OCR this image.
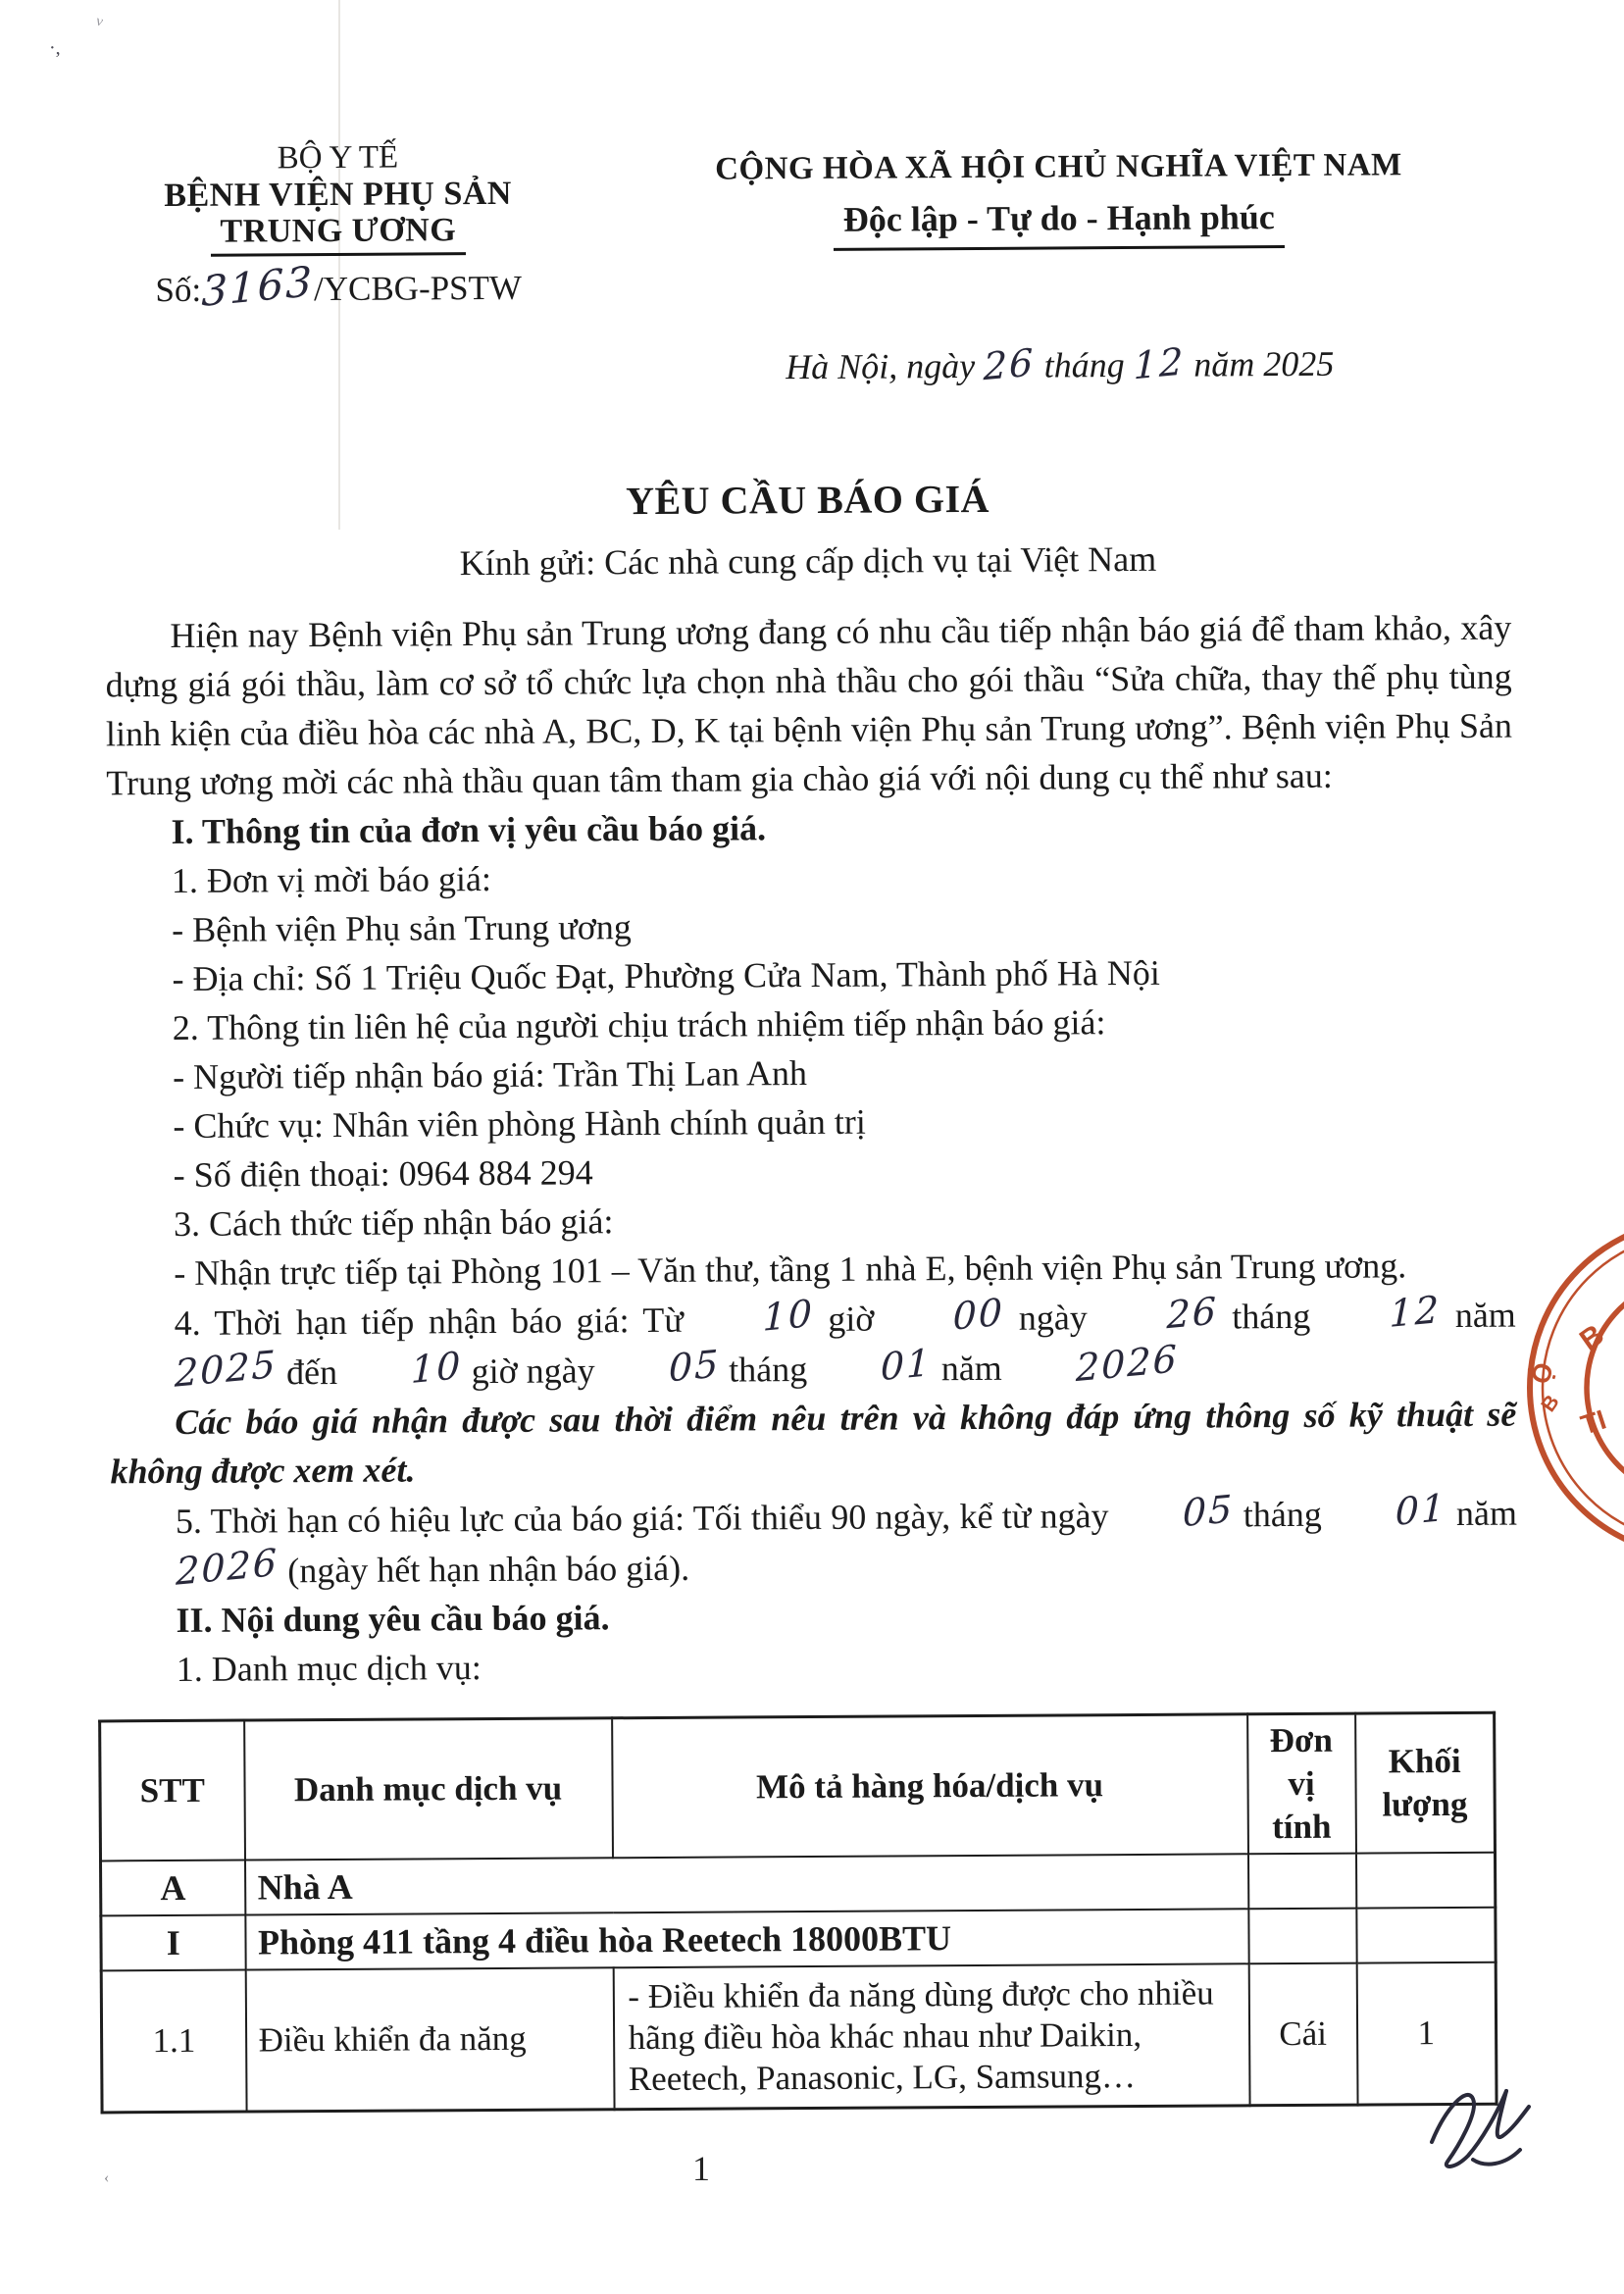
·,
ν
‹
BỘ Y TẾ
BỆNH VIỆN PHỤ SẢN
TRUNG ƯƠNG
Số:3163/YCBG-PSTW
CỘNG HÒA XÃ HỘI CHỦ NGHĨA VIỆT NAM
Độc lập - Tự do - Hạnh phúc
Hà Nội, ngày 26 tháng 12 năm 2025
YÊU CẦU BÁO GIÁ
Kính gửi: Các nhà cung cấp dịch vụ tại Việt Nam

Hiện nay Bệnh viện Phụ sản Trung ương đang có nhu cầu tiếp nhận báo giá để tham khảo, xây dựng giá gói thầu, làm cơ sở tổ chức lựa chọn nhà thầu cho gói thầu “Sửa chữa, thay thế phụ tùng linh kiện của điều hòa các nhà A, BC, D, K tại bệnh viện Phụ sản Trung ương”. Bệnh viện Phụ Sản Trung ương mời các nhà thầu quan tâm tham gia chào giá với nội dung cụ thể như sau:

I. Thông tin của đơn vị yêu cầu báo giá.

1. Đơn vị mời báo giá:

- Bệnh viện Phụ sản Trung ương

- Địa chỉ: Số 1 Triệu Quốc Đạt, Phường Cửa Nam, Thành phố Hà Nội

2. Thông tin liên hệ của người chịu trách nhiệm tiếp nhận báo giá:

- Người tiếp nhận báo giá: Trần Thị Lan Anh

- Chức vụ: Nhân viên phòng Hành chính quản trị

- Số điện thoại: 0964 884 294

3. Cách thức tiếp nhận báo giá:

- Nhận trực tiếp tại Phòng 101 – Văn thư, tầng 1 nhà E, bệnh viện Phụ sản Trung ương.

4. Thời hạn tiếp nhận báo giá: Từ 10 giờ 00 ngày 26 tháng 12 năm 2025 đến 10 giờ ngày 05 tháng 01 năm 2026

Các báo giá nhận được sau thời điểm nêu trên và không đáp ứng thông số kỹ thuật sẽ không được xem xét.

5. Thời hạn có hiệu lực của báo giá: Tối thiểu 90 ngày, kể từ ngày 05 tháng 01 năm 2026 (ngày hết hạn nhận báo giá).

II. Nội dung yêu cầu báo giá.

1. Danh mục dịch vụ:

STT	Danh mục dịch vụ	Mô tả hàng hóa/dịch vụ	Đơn vị tính	Khối lượng
A	Nhà A			
I	Phòng 411 tầng 4 điều hòa Reetech 18000BTU			
1.1	Điều khiển đa năng	- Điều khiển đa năng dùng được cho nhiều hãng điều hòa khác nhau như Daikin, Reetech, Panasonic, LG, Samsung…	Cái	1
B
Ộ
B
TI
1
